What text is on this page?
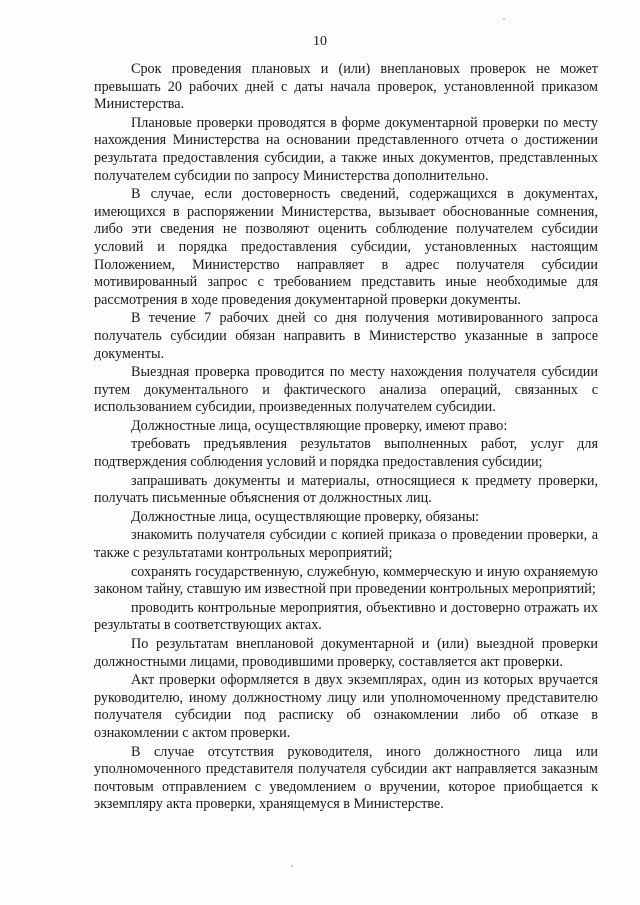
10

Срок проведения плановых и (или) внеплановых проверок не может превышать 20 рабочих дней с даты начала проверок, установленной приказом Министерства.

Плановые проверки проводятся в форме документарной проверки по месту нахождения Министерства на основании представленного отчета о достижении результата предоставления субсидии, а также иных документов, представленных получателем субсидии по запросу Министерства дополнительно.

В случае, если достоверность сведений, содержащихся в документах, имеющихся в распоряжении Министерства, вызывает обоснованные сомнения, либо эти сведения не позволяют оценить соблюдение получателем субсидии условий и порядка предоставления субсидии, установленных настоящим Положением, Министерство направляет в адрес получателя субсидии мотивированный запрос с требованием представить иные необходимые для рассмотрения в ходе проведения документарной проверки документы.

В течение 7 рабочих дней со дня получения мотивированного запроса получатель субсидии обязан направить в Министерство указанные в запросе документы.

Выездная проверка проводится по месту нахождения получателя субсидии путем документального и фактического анализа операций, связанных с использованием субсидии, произведенных получателем субсидии.

Должностные лица, осуществляющие проверку, имеют право:

требовать предъявления результатов выполненных работ, услуг для подтверждения соблюдения условий и порядка предоставления субсидии;

запрашивать документы и материалы, относящиеся к предмету проверки, получать письменные объяснения от должностных лиц.

Должностные лица, осуществляющие проверку, обязаны:

знакомить получателя субсидии с копией приказа о проведении проверки, а также с результатами контрольных мероприятий;

сохранять государственную, служебную, коммерческую и иную охраняемую законом тайну, ставшую им известной при проведении контрольных мероприятий;

проводить контрольные мероприятия, объективно и достоверно отражать их результаты в соответствующих актах.

По результатам внеплановой документарной и (или) выездной проверки должностными лицами, проводившими проверку, составляется акт проверки.

Акт проверки оформляется в двух экземплярах, один из которых вручается руководителю, иному должностному лицу или уполномоченному представителю получателя субсидии под расписку об ознакомлении либо об отказе в ознакомлении с актом проверки.

В случае отсутствия руководителя, иного должностного лица или уполномоченного представителя получателя субсидии акт направляется заказным почтовым отправлением с уведомлением о вручении, которое приобщается к экземпляру акта проверки, хранящемуся в Министерстве.
